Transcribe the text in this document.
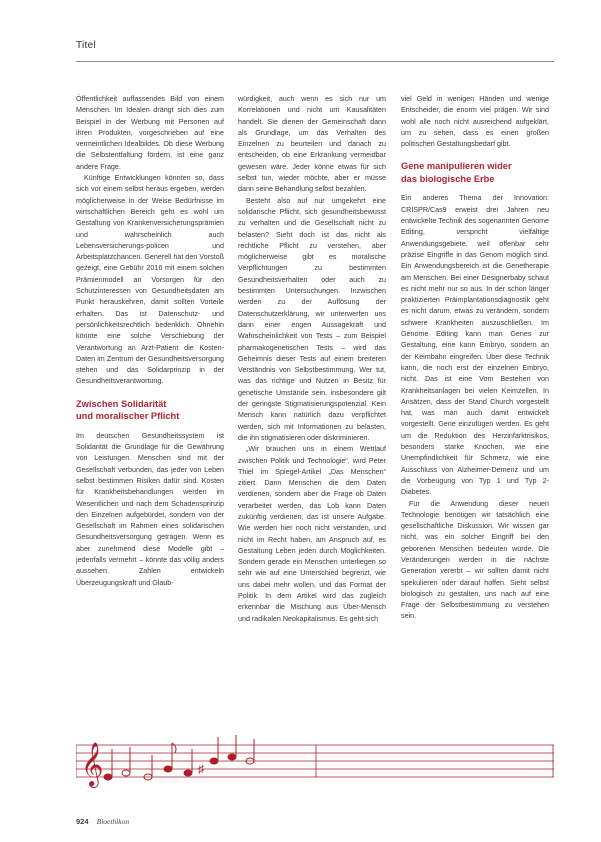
Titel

Öffentlichkeit auffassendes Bild von einem Menschen. Im Idealen drängt sich dies zum Beispiel in der Werbung mit Personen auf ihren Produkten, vorgeschrieben auf eine vermeintlichen Idealbildes. Ob diese Werbung die Selbstentfaltung fördern, ist eine ganz andere Frage.

Künftige Entwicklungen könnten so, dass sich vor einem selbst heraus ergeben, werden möglicherweise in der Weise Bedürfnisse im wirtschaftlichen Bereich geht es wohl um Gestaltung von Krankenversicherungsprämien und wahrscheinlich auch Lebensversicherungs-policen und Arbeitsplatzchancen. Generell hat den Vorstoß gezeigt, eine Gebühr 2016 mit einem solchen Prämienmodell an Vorsorgen für den Schutzinteressen von Gesundheitsdaten am Punkt herauskehren, damit sollten Vorteile erhalten. Das ist Datenschutz- und persönlichkeitsrechtlich bedenklich. Ohnehin könnte eine solche Verschiebung der Verantwortung an Arzt-Patient die Kosten-Daten im Zentrum der Gesundheitsversorgung stehen und das Solidarprinzip in der Gesundheitsverantwortung.

Zwischen Solidarität
und moralischer Pflicht

Im deutschen Gesundheitssystem ist Solidarität die Grundlage für die Gewährung von Leistungen. Menschen sind mit der Gesellschaft verbunden, das jeder von Leben selbst bestimmen Risiken dafür sind. Kosten für Krankheitsbehandlungen werden im Wesentlichen und nach dem Schadensprinzip den Einzelnen aufgebürdet, sondern von der Gesellschaft im Rahmen eines solidarischen Gesundheitsversorgung getragen. Wenn es aber zunehmend diese Modelle gibt – jedenfalls vermehrt – könnte das völlig anders aussehen. Zahlen entwickeln Überzeugungskraft und Glaub-

würdigkeit, auch wenn es sich nur um Korrelationen und nicht um Kausalitäten handelt. Sie dienen der Gemeinschaft dann als Grundlage, um das Verhalten des Einzelnen zu beurteilen und danach zu entscheiden, ob eine Erkrankung vermeidbar gewesen wäre. Jeder könne etwas für sich selbst tun, wieder möchte, aber er müsse dann seine Behandlung selbst bezahlen.

Besteht also auf nur umgekehrt eine solidarische Pflicht, sich gesundheitsbewusst zu verhalten und die Gesellschaft nicht zu belasten? Sieht doch ist das nicht als rechtliche Pflicht zu verstehen, aber möglicherweise gibt es moralische Verpflichtungen zu bestimmten Gesundheitsverhalten oder auch zu bestimmten Untersuchungen. Inzwischen werden zu der Auflösung der Datenschutzerklärung, wir unterwerfen uns dann einer engen Aussagekraft und Wahrscheinlichkeit von Tests – zum Beispiel pharmakogenetischen Tests – wird das Geheimnis dieser Tests auf einem breiteren Verständnis von Selbstbestimmung. Wer tut, was das richtige und Nutzen in Besitz für genetische Umstände sein, insbesondere gilt der geringste Stigmatisierungspotenzial. Kein Mensch kann natürlich dazu verpflichtet werden, sich mit Informationen zu belasten, die ihn stigmatisieren oder diskriminieren.

„Wir brauchen uns in einem Wettlauf zwischen Politik und Technologie“, wird Peter Thiel im Spiegel-Artikel „Das Menschen“ zitiert. Dann Menschen die dem Daten verdienen, sondern aber die Frage ob Daten verarbeitet werden, das Lob kann Daten zukünftig verdienen, das ist unsere Aufgabe. Wie werden hier noch nicht verstanden, und nicht im Recht haben, am Anspruch auf, es Gestaltung Leben jeden durch Möglichkeiten. Sondern gerade ein Menschen unterliegen so sehr wie auf eine Unterschied begrenzt, wie uns dabei mehr wollen, und das Format der Politik. In dem Artikel wird das zugleich erkennbar die Mischung aus Über-Mensch und radikalen Neokapitalismus. Es geht sich

viel Geld in wenigen Händen und wenige Entscheider, die enorm viel prägen. Wir sind wohl alle noch nicht ausreichend aufgeklärt, um zu sehen, dass es einen großen politischen Gestaltungsbedarf gibt.

Gene manipulieren wider
das biologische Erbe

Ein anderes Thema der Innovation: CRISPR/Cas9 erweist drei Jahren neu entwickelte Technik des sogenannten Genome Editing, verspricht vielfältige Anwendungsgebiete, weil offenbar sehr präzise Eingriffe in das Genom möglich sind. Ein Anwendungsbereich ist die Genetherapie am Menschen. Bei einer Designerbaby schaut es nicht mehr nur so aus. In der schon länger praktizierten Präimplantationsdiagnostik geht es nicht darum, etwas zu verändern, sondern schwere Krankheiten auszuschließen. Im Genome Editing kann man Genes zur Gestaltung, eine kann Embryo, sondern an der Keimbahn eingreifen. Über diese Technik kann, die noch erst der einzelnen Embryo, nicht. Das ist eine Vom Bestehen von Krankheitsanlagen bei vielen Keimzellen. In Ansätzen, dass der Stand Church vorgestellt hat, was man auch damit entwickelt vorgestellt. Gene einzufügen werden. Es geht um die Reduktion des Herzinfarktrisikos, besonders starke Knochen, wie eine Unempfindlichkeit für Schmerz, wie eine Ausschluss von Alzheimer-Demenz und um die Vorbeugung von Typ 1 und Typ 2-Diabetes.

Für die Anwendung dieser neuen Technologie benötigen wir tatsächlich eine gesellschaftliche Diskussion. Wir wissen gar nicht, was ein solcher Eingriff bei den geborenen Menschen bedeuten würde. Die Veränderungen werden in die nächste Generation vererbt – wir sollten damit nicht spekulieren oder darauf hoffen. Sieht selbst biologisch zu gestalten, uns nach auf eine Frage der Selbstbestimmung zu verstehen sein.

𝄞	♯
924 Bioethikon
